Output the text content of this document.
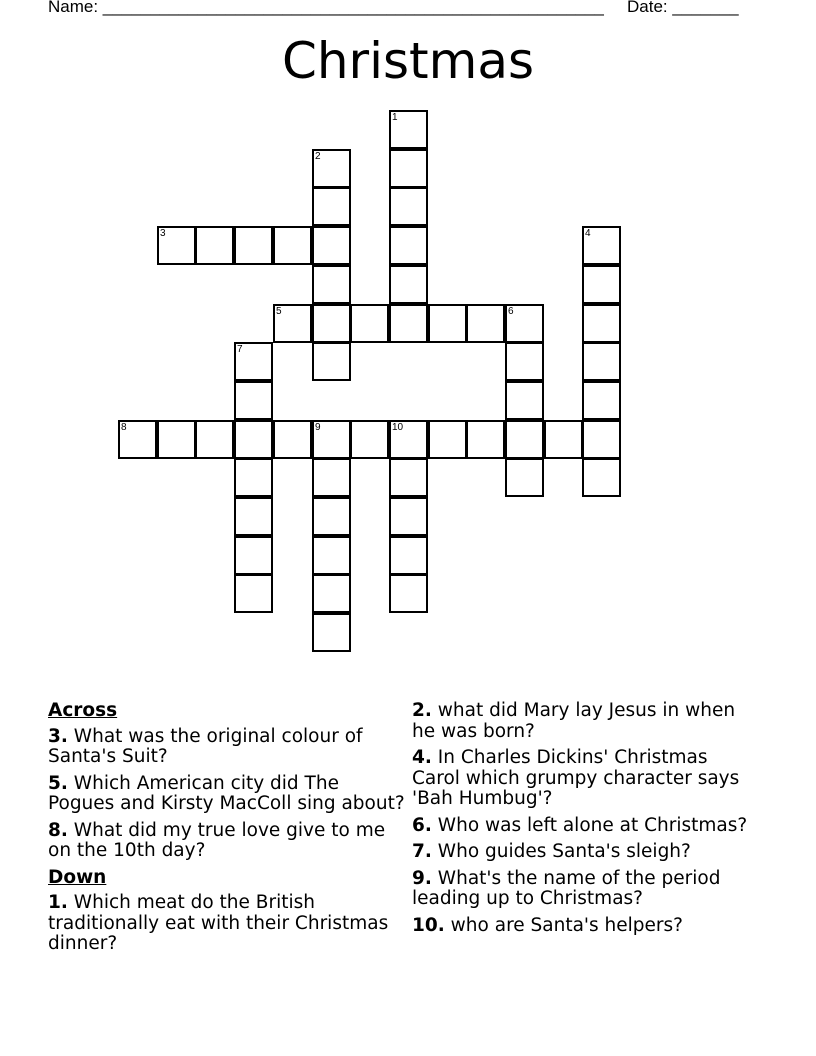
Name: _____________________________________________________ Date: _______
Christmas
1
2
3	4
5	6
7
8	9	10
Across
3. What was the original colour of Santa's Suit?
5. Which American city did The Pogues and Kirsty MacColl sing about?
8. What did my true love give to me on the 10th day?
Down
1. Which meat do the British traditionally eat with their Christmas dinner?
2. what did Mary lay Jesus in when he was born?
4. In Charles Dickins' Christmas Carol which grumpy character says 'Bah Humbug'?
6. Who was left alone at Christmas?
7. Who guides Santa's sleigh?
9. What's the name of the period leading up to Christmas?
10. who are Santa's helpers?
